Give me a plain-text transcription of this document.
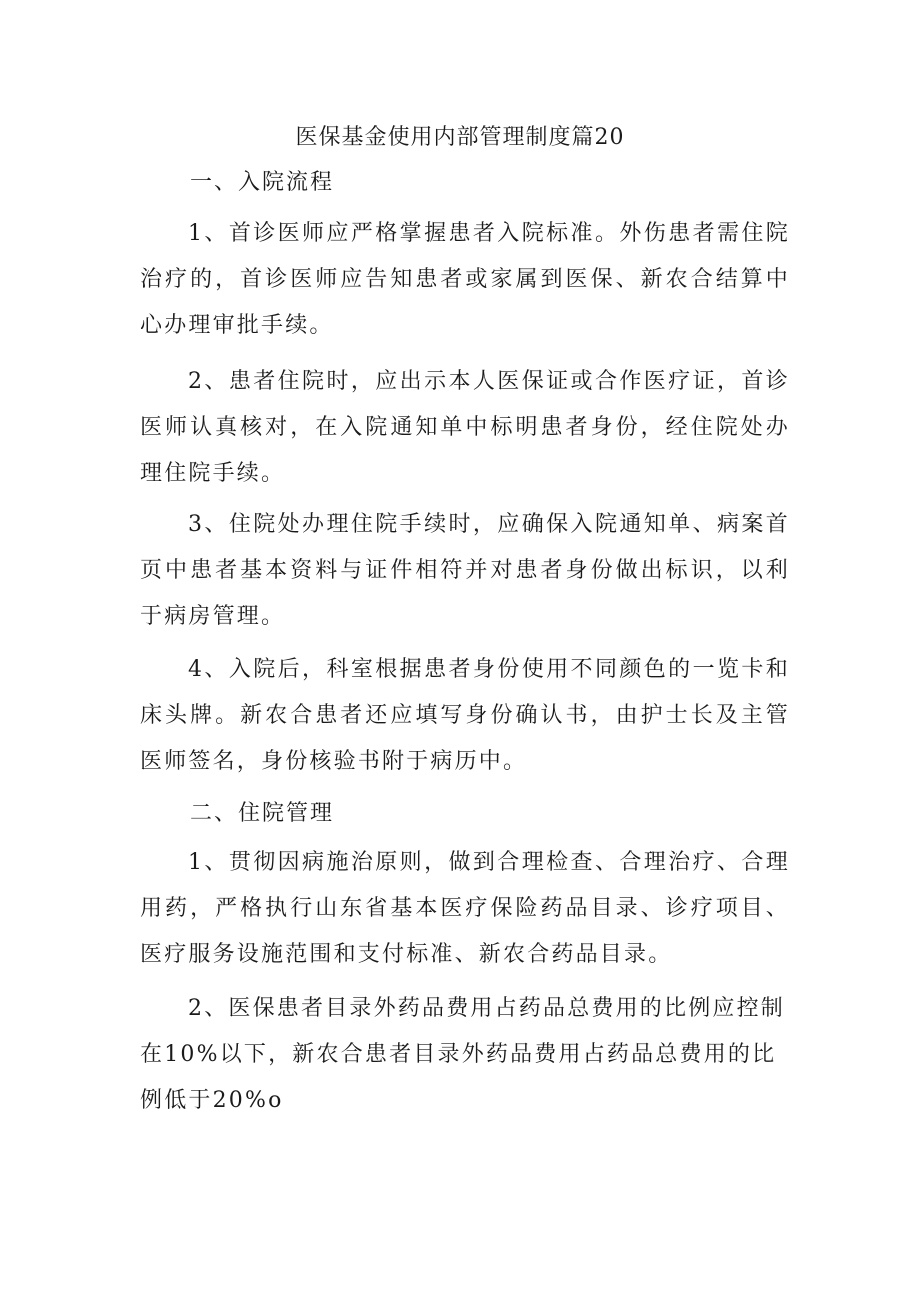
医保基金使用内部管理制度篇20
一、入院流程

1、首诊医师应严格掌握患者入院标准。外伤患者需住院治疗的，首诊医师应告知患者或家属到医保、新农合结算中心办理审批手续。

2、患者住院时，应出示本人医保证或合作医疗证，首诊医师认真核对，在入院通知单中标明患者身份，经住院处办理住院手续。

3、住院处办理住院手续时，应确保入院通知单、病案首页中患者基本资料与证件相符并对患者身份做出标识，以利于病房管理。

4、入院后，科室根据患者身份使用不同颜色的一览卡和床头牌。新农合患者还应填写身份确认书，由护士长及主管医师签名，身份核验书附于病历中。

二、住院管理

1、贯彻因病施治原则，做到合理检查、合理治疗、合理用药，严格执行山东省基本医疗保险药品目录、诊疗项目、医疗服务设施范围和支付标准、新农合药品目录。

2、医保患者目录外药品费用占药品总费用的比例应控制在10%以下，新农合患者目录外药品费用占药品总费用的比例低于20%o
